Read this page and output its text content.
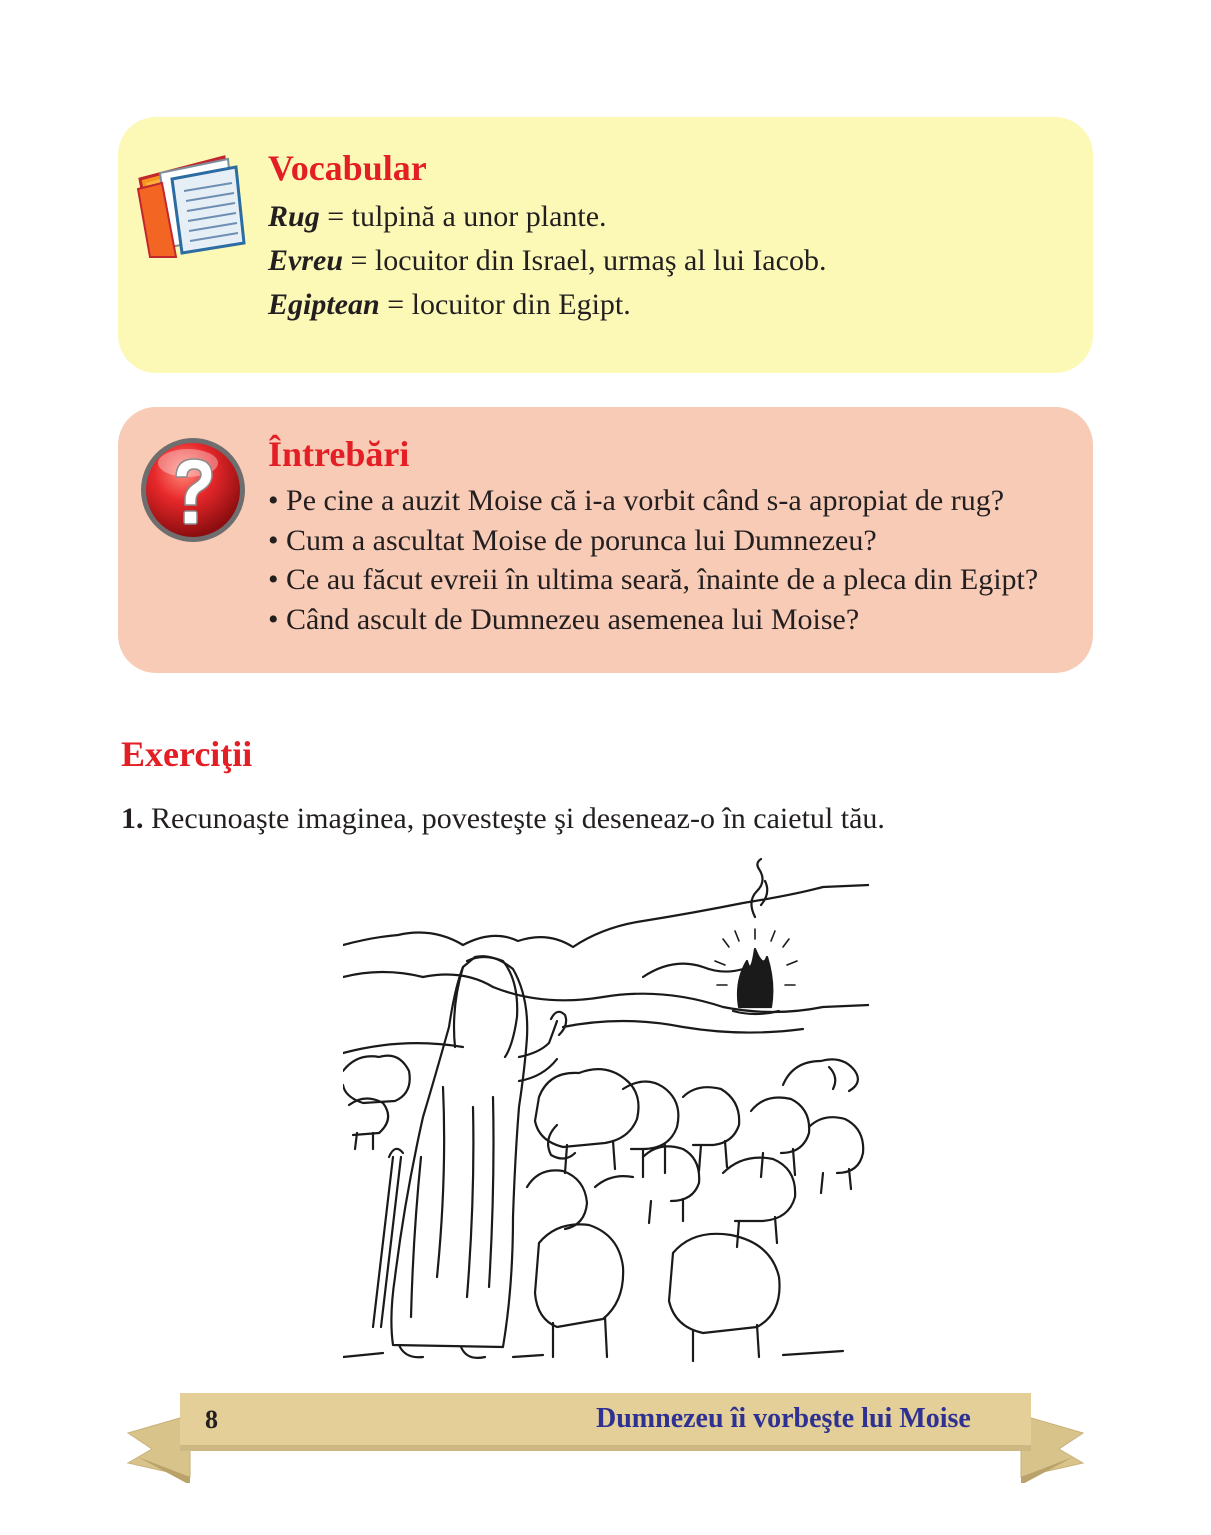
Vocabular
Rug = tulpină a unor plante.
Evreu = locuitor din Israel, urmaş al lui Iacob.
Egiptean = locuitor din Egipt.
Întrebări
• Pe cine a auzit Moise că i-a vorbit când s-a apropiat de rug?
• Cum a ascultat Moise de porunca lui Dumnezeu?
• Ce au făcut evreii în ultima seară, înainte de a pleca din Egipt?
• Când ascult de Dumnezeu asemenea lui Moise?
Exerciţii

1. Recunoaşte imaginea, povesteşte şi deseneaz-o în caietul tău.

8	Dumnezeu îi vorbeşte lui Moise
